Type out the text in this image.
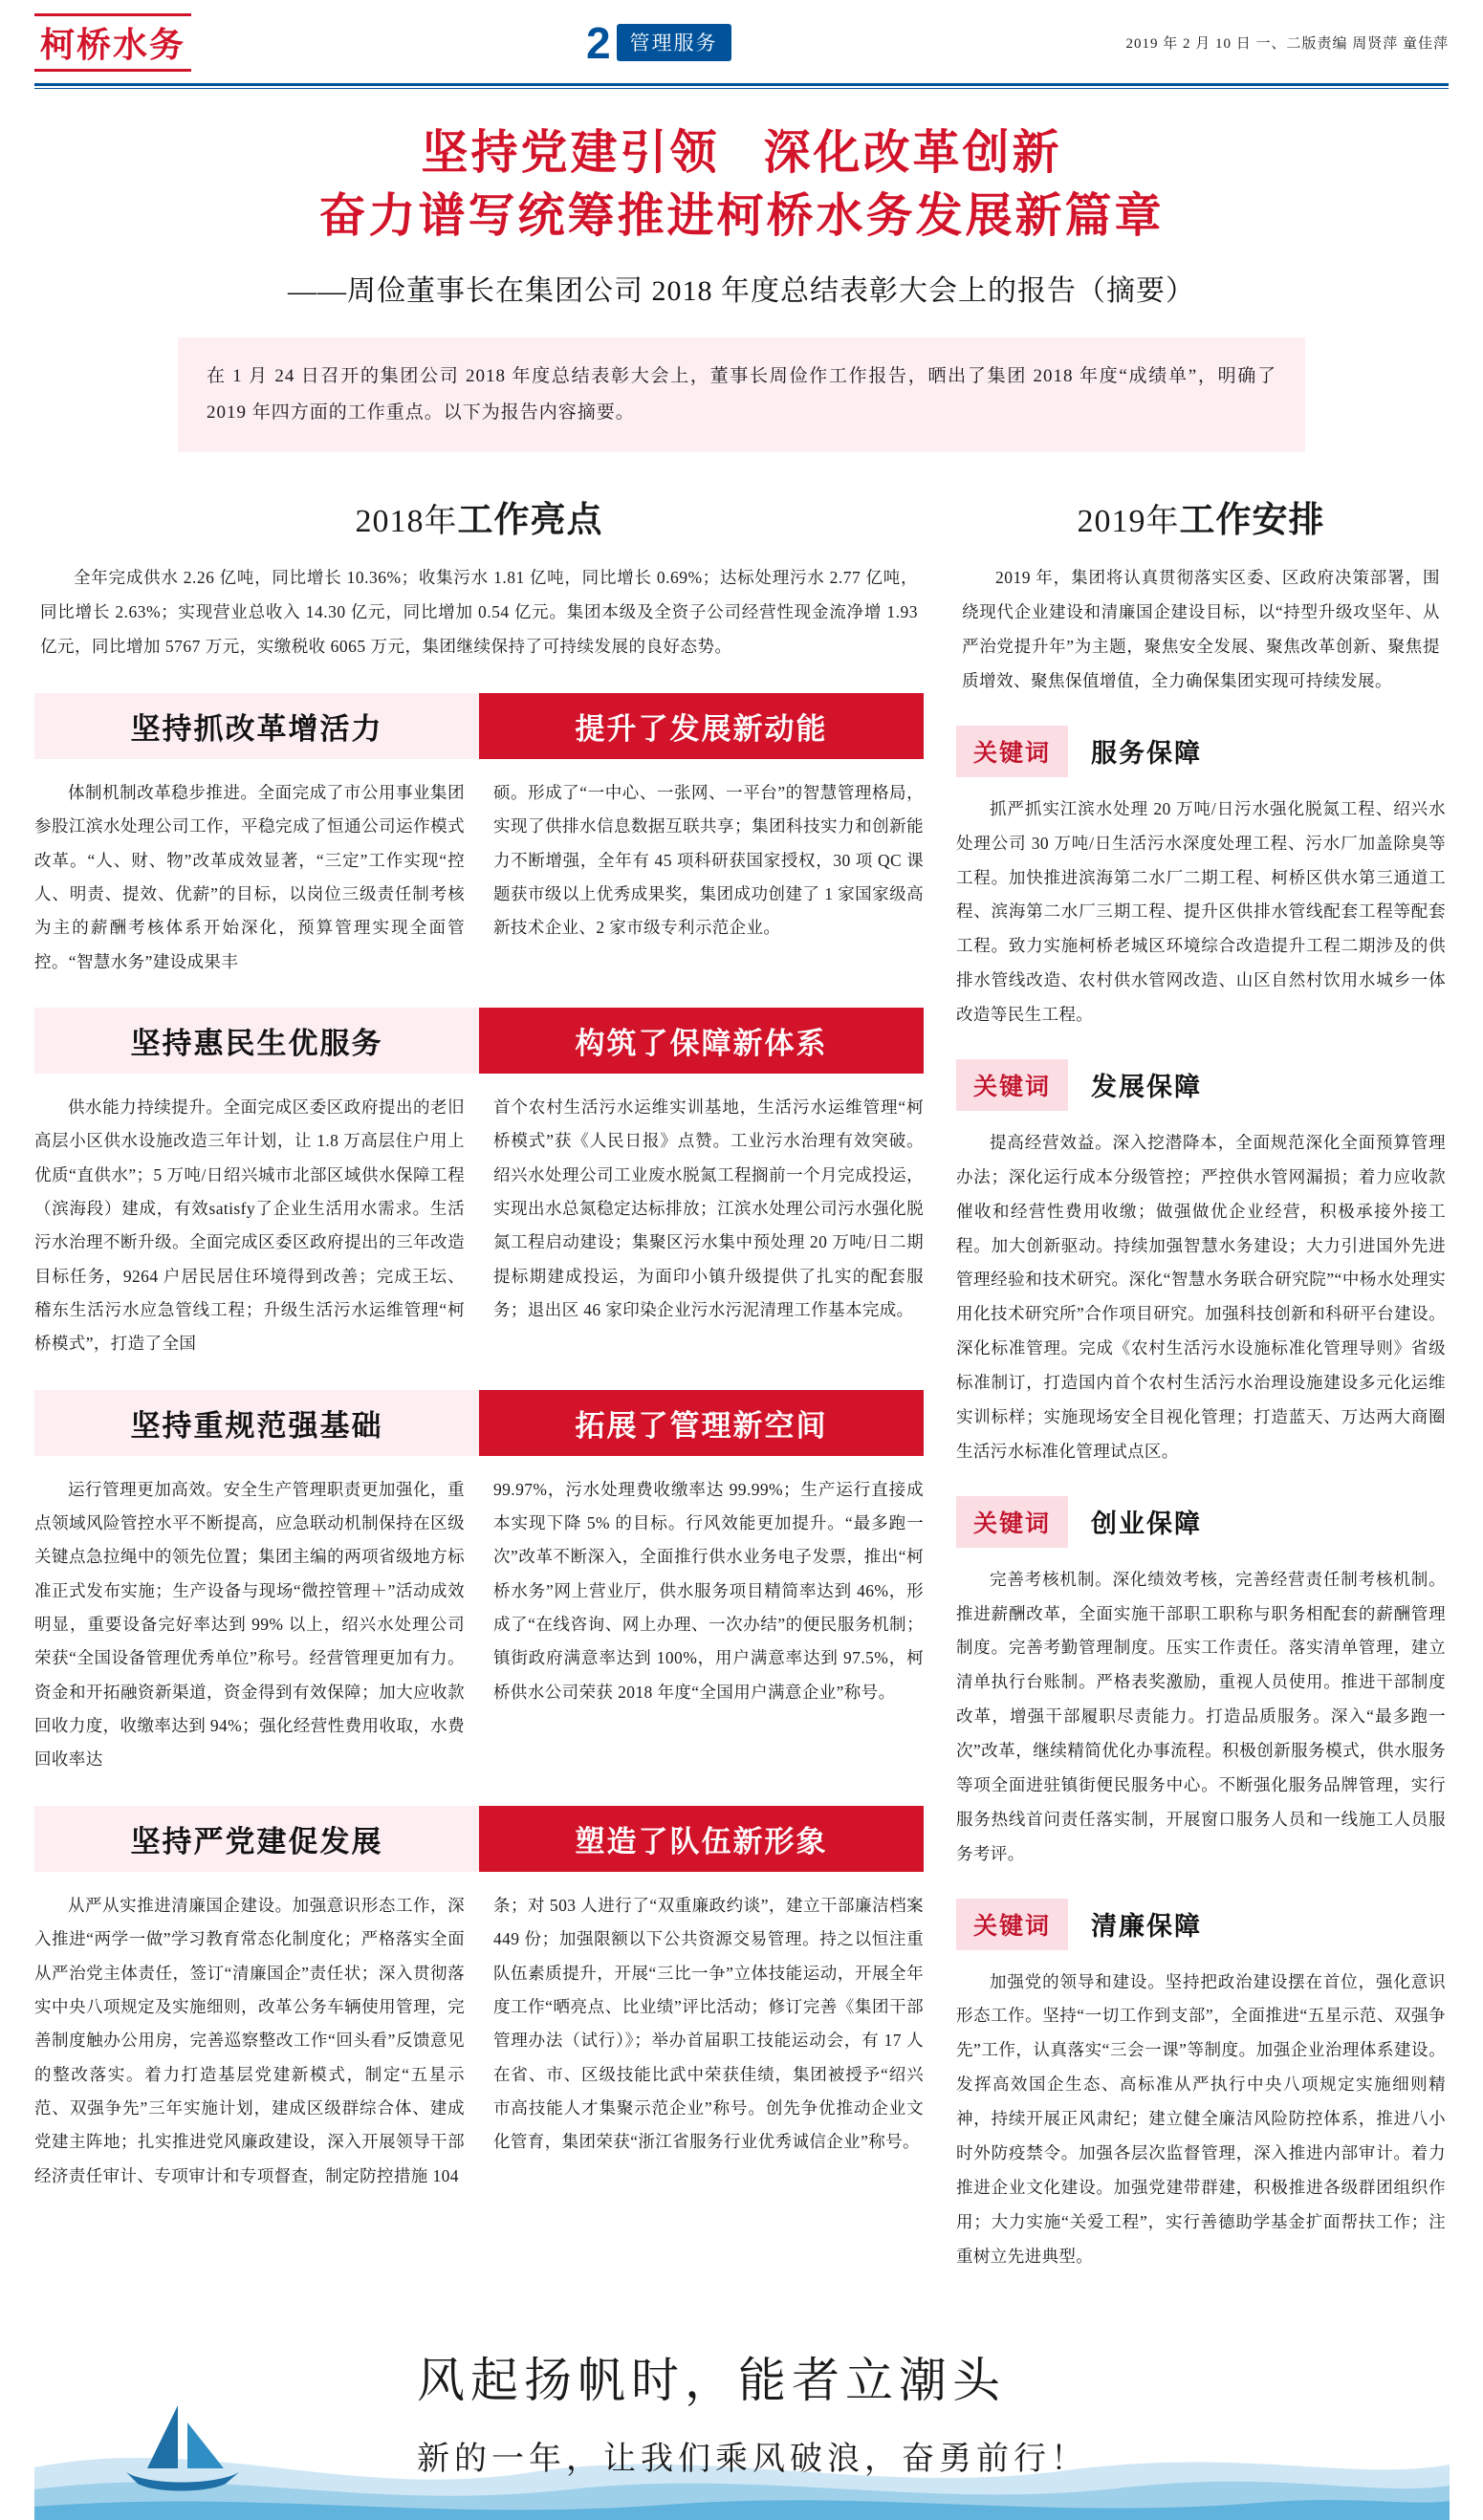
柯桥水务	2 管理服务	2019 年 2 月 10 日 一、二版责编 周贤萍 童佳萍
坚持党建引领 深化改革创新
奋力谱写统筹推进柯桥水务发展新篇章
——周俭董事长在集团公司 2018 年度总结表彰大会上的报告（摘要）
在 1 月 24 日召开的集团公司 2018 年度总结表彰大会上，董事长周俭作工作报告，晒出了集团 2018 年度“成绩单”，明确了 2019 年四方面的工作重点。以下为报告内容摘要。
2018年工作亮点
全年完成供水 2.26 亿吨，同比增长 10.36%；收集污水 1.81 亿吨，同比增长 0.69%；达标处理污水 2.77 亿吨，同比增长 2.63%；实现营业总收入 14.30 亿元，同比增加 0.54 亿元。集团本级及全资子公司经营性现金流净增 1.93 亿元，同比增加 5767 万元，实缴税收 6065 万元，集团继续保持了可持续发展的良好态势。
坚持抓改革增活力	提升了发展新动能

体制机制改革稳步推进。全面完成了市公用事业集团参股江滨水处理公司工作，平稳完成了恒通公司运作模式改革。“人、财、物”改革成效显著，“三定”工作实现“控人、明责、提效、优薪”的目标，以岗位三级责任制考核为主的薪酬考核体系开始深化，预算管理实现全面管控。“智慧水务”建设成果丰

硕。形成了“一中心、一张网、一平台”的智慧管理格局，实现了供排水信息数据互联共享；集团科技实力和创新能力不断增强，全年有 45 项科研获国家授权，30 项 QC 课题获市级以上优秀成果奖，集团成功创建了 1 家国家级高新技术企业、2 家市级专利示范企业。

坚持惠民生优服务	构筑了保障新体系

供水能力持续提升。全面完成区委区政府提出的老旧高层小区供水设施改造三年计划，让 1.8 万高层住户用上优质“直供水”；5 万吨/日绍兴城市北部区域供水保障工程（滨海段）建成，有效satisfy了企业生活用水需求。生活污水治理不断升级。全面完成区委区政府提出的三年改造目标任务，9264 户居民居住环境得到改善；完成王坛、稽东生活污水应急管线工程；升级生活污水运维管理“柯桥模式”，打造了全国

首个农村生活污水运维实训基地，生活污水运维管理“柯桥模式”获《人民日报》点赞。工业污水治理有效突破。绍兴水处理公司工业废水脱氮工程搁前一个月完成投运，实现出水总氮稳定达标排放；江滨水处理公司污水强化脱氮工程启动建设；集聚区污水集中预处理 20 万吨/日二期提标期建成投运，为面印小镇升级提供了扎实的配套服务；退出区 46 家印染企业污水污泥清理工作基本完成。

坚持重规范强基础	拓展了管理新空间

运行管理更加高效。安全生产管理职责更加强化，重点领域风险管控水平不断提高，应急联动机制保持在区级关键点急拉绳中的领先位置；集团主编的两项省级地方标准正式发布实施；生产设备与现场“微控管理＋”活动成效明显，重要设备完好率达到 99% 以上，绍兴水处理公司荣获“全国设备管理优秀单位”称号。经营管理更加有力。资金和开拓融资新渠道，资金得到有效保障；加大应收款回收力度，收缴率达到 94%；强化经营性费用收取，水费回收率达

99.97%，污水处理费收缴率达 99.99%；生产运行直接成本实现下降 5% 的目标。行风效能更加提升。“最多跑一次”改革不断深入，全面推行供水业务电子发票，推出“柯桥水务”网上营业厅，供水服务项目精简率达到 46%，形成了“在线咨询、网上办理、一次办结”的便民服务机制；镇街政府满意率达到 100%，用户满意率达到 97.5%，柯桥供水公司荣获 2018 年度“全国用户满意企业”称号。

坚持严党建促发展	塑造了队伍新形象

从严从实推进清廉国企建设。加强意识形态工作，深入推进“两学一做”学习教育常态化制度化；严格落实全面从严治党主体责任，签订“清廉国企”责任状；深入贯彻落实中央八项规定及实施细则，改革公务车辆使用管理，完善制度触办公用房，完善巡察整改工作“回头看”反馈意见的整改落实。着力打造基层党建新模式，制定“五星示范、双强争先”三年实施计划，建成区级群综合体、建成党建主阵地；扎实推进党风廉政建设，深入开展领导干部经济责任审计、专项审计和专项督查，制定防控措施 104

条；对 503 人进行了“双重廉政约谈”，建立干部廉洁档案 449 份；加强限额以下公共资源交易管理。持之以恒注重队伍素质提升，开展“三比一争”立体技能运动，开展全年度工作“晒亮点、比业绩”评比活动；修订完善《集团干部管理办法（试行）》；举办首届职工技能运动会，有 17 人在省、市、区级技能比武中荣获佳绩，集团被授予“绍兴市高技能人才集聚示范企业”称号。创先争优推动企业文化管育，集团荣获“浙江省服务行业优秀诚信企业”称号。

2019年工作安排
2019 年，集团将认真贯彻落实区委、区政府决策部署，围绕现代企业建设和清廉国企建设目标，以“持型升级攻坚年、从严治党提升年”为主题，聚焦安全发展、聚焦改革创新、聚焦提质增效、聚焦保值增值，全力确保集团实现可持续发展。
关键词	服务保障
抓严抓实江滨水处理 20 万吨/日污水强化脱氮工程、绍兴水处理公司 30 万吨/日生活污水深度处理工程、污水厂加盖除臭等工程。加快推进滨海第二水厂二期工程、柯桥区供水第三通道工程、滨海第二水厂三期工程、提升区供排水管线配套工程等配套工程。致力实施柯桥老城区环境综合改造提升工程二期涉及的供排水管线改造、农村供水管网改造、山区自然村饮用水城乡一体改造等民生工程。
关键词	发展保障
提高经营效益。深入挖潜降本，全面规范深化全面预算管理办法；深化运行成本分级管控；严控供水管网漏损；着力应收款催收和经营性费用收缴；做强做优企业经营，积极承接外接工程。加大创新驱动。持续加强智慧水务建设；大力引进国外先进管理经验和技术研究。深化“智慧水务联合研究院”“中杨水处理实用化技术研究所”合作项目研究。加强科技创新和科研平台建设。深化标准管理。完成《农村生活污水设施标准化管理导则》省级标准制订，打造国内首个农村生活污水治理设施建设多元化运维实训标样；实施现场安全目视化管理；打造蓝天、万达两大商圈生活污水标准化管理试点区。
关键词	创业保障
完善考核机制。深化绩效考核，完善经营责任制考核机制。推进薪酬改革，全面实施干部职工职称与职务相配套的薪酬管理制度。完善考勤管理制度。压实工作责任。落实清单管理，建立清单执行台账制。严格表奖激励，重视人员使用。推进干部制度改革，增强干部履职尽责能力。打造品质服务。深入“最多跑一次”改革，继续精简优化办事流程。积极创新服务模式，供水服务等项全面进驻镇街便民服务中心。不断强化服务品牌管理，实行服务热线首问责任落实制，开展窗口服务人员和一线施工人员服务考评。
关键词	清廉保障
加强党的领导和建设。坚持把政治建设摆在首位，强化意识形态工作。坚持“一切工作到支部”，全面推进“五星示范、双强争先”工作，认真落实“三会一课”等制度。加强企业治理体系建设。发挥高效国企生态、高标准从严执行中央八项规定实施细则精神，持续开展正风肃纪；建立健全廉洁风险防控体系，推进八小时外防疫禁令。加强各层次监督管理，深入推进内部审计。着力推进企业文化建设。加强党建带群建，积极推进各级群团组织作用；大力实施“关爱工程”，实行善德助学基金扩面帮扶工作；注重树立先进典型。
风起扬帆时，能者立潮头
新的一年，让我们乘风破浪，奋勇前行！
